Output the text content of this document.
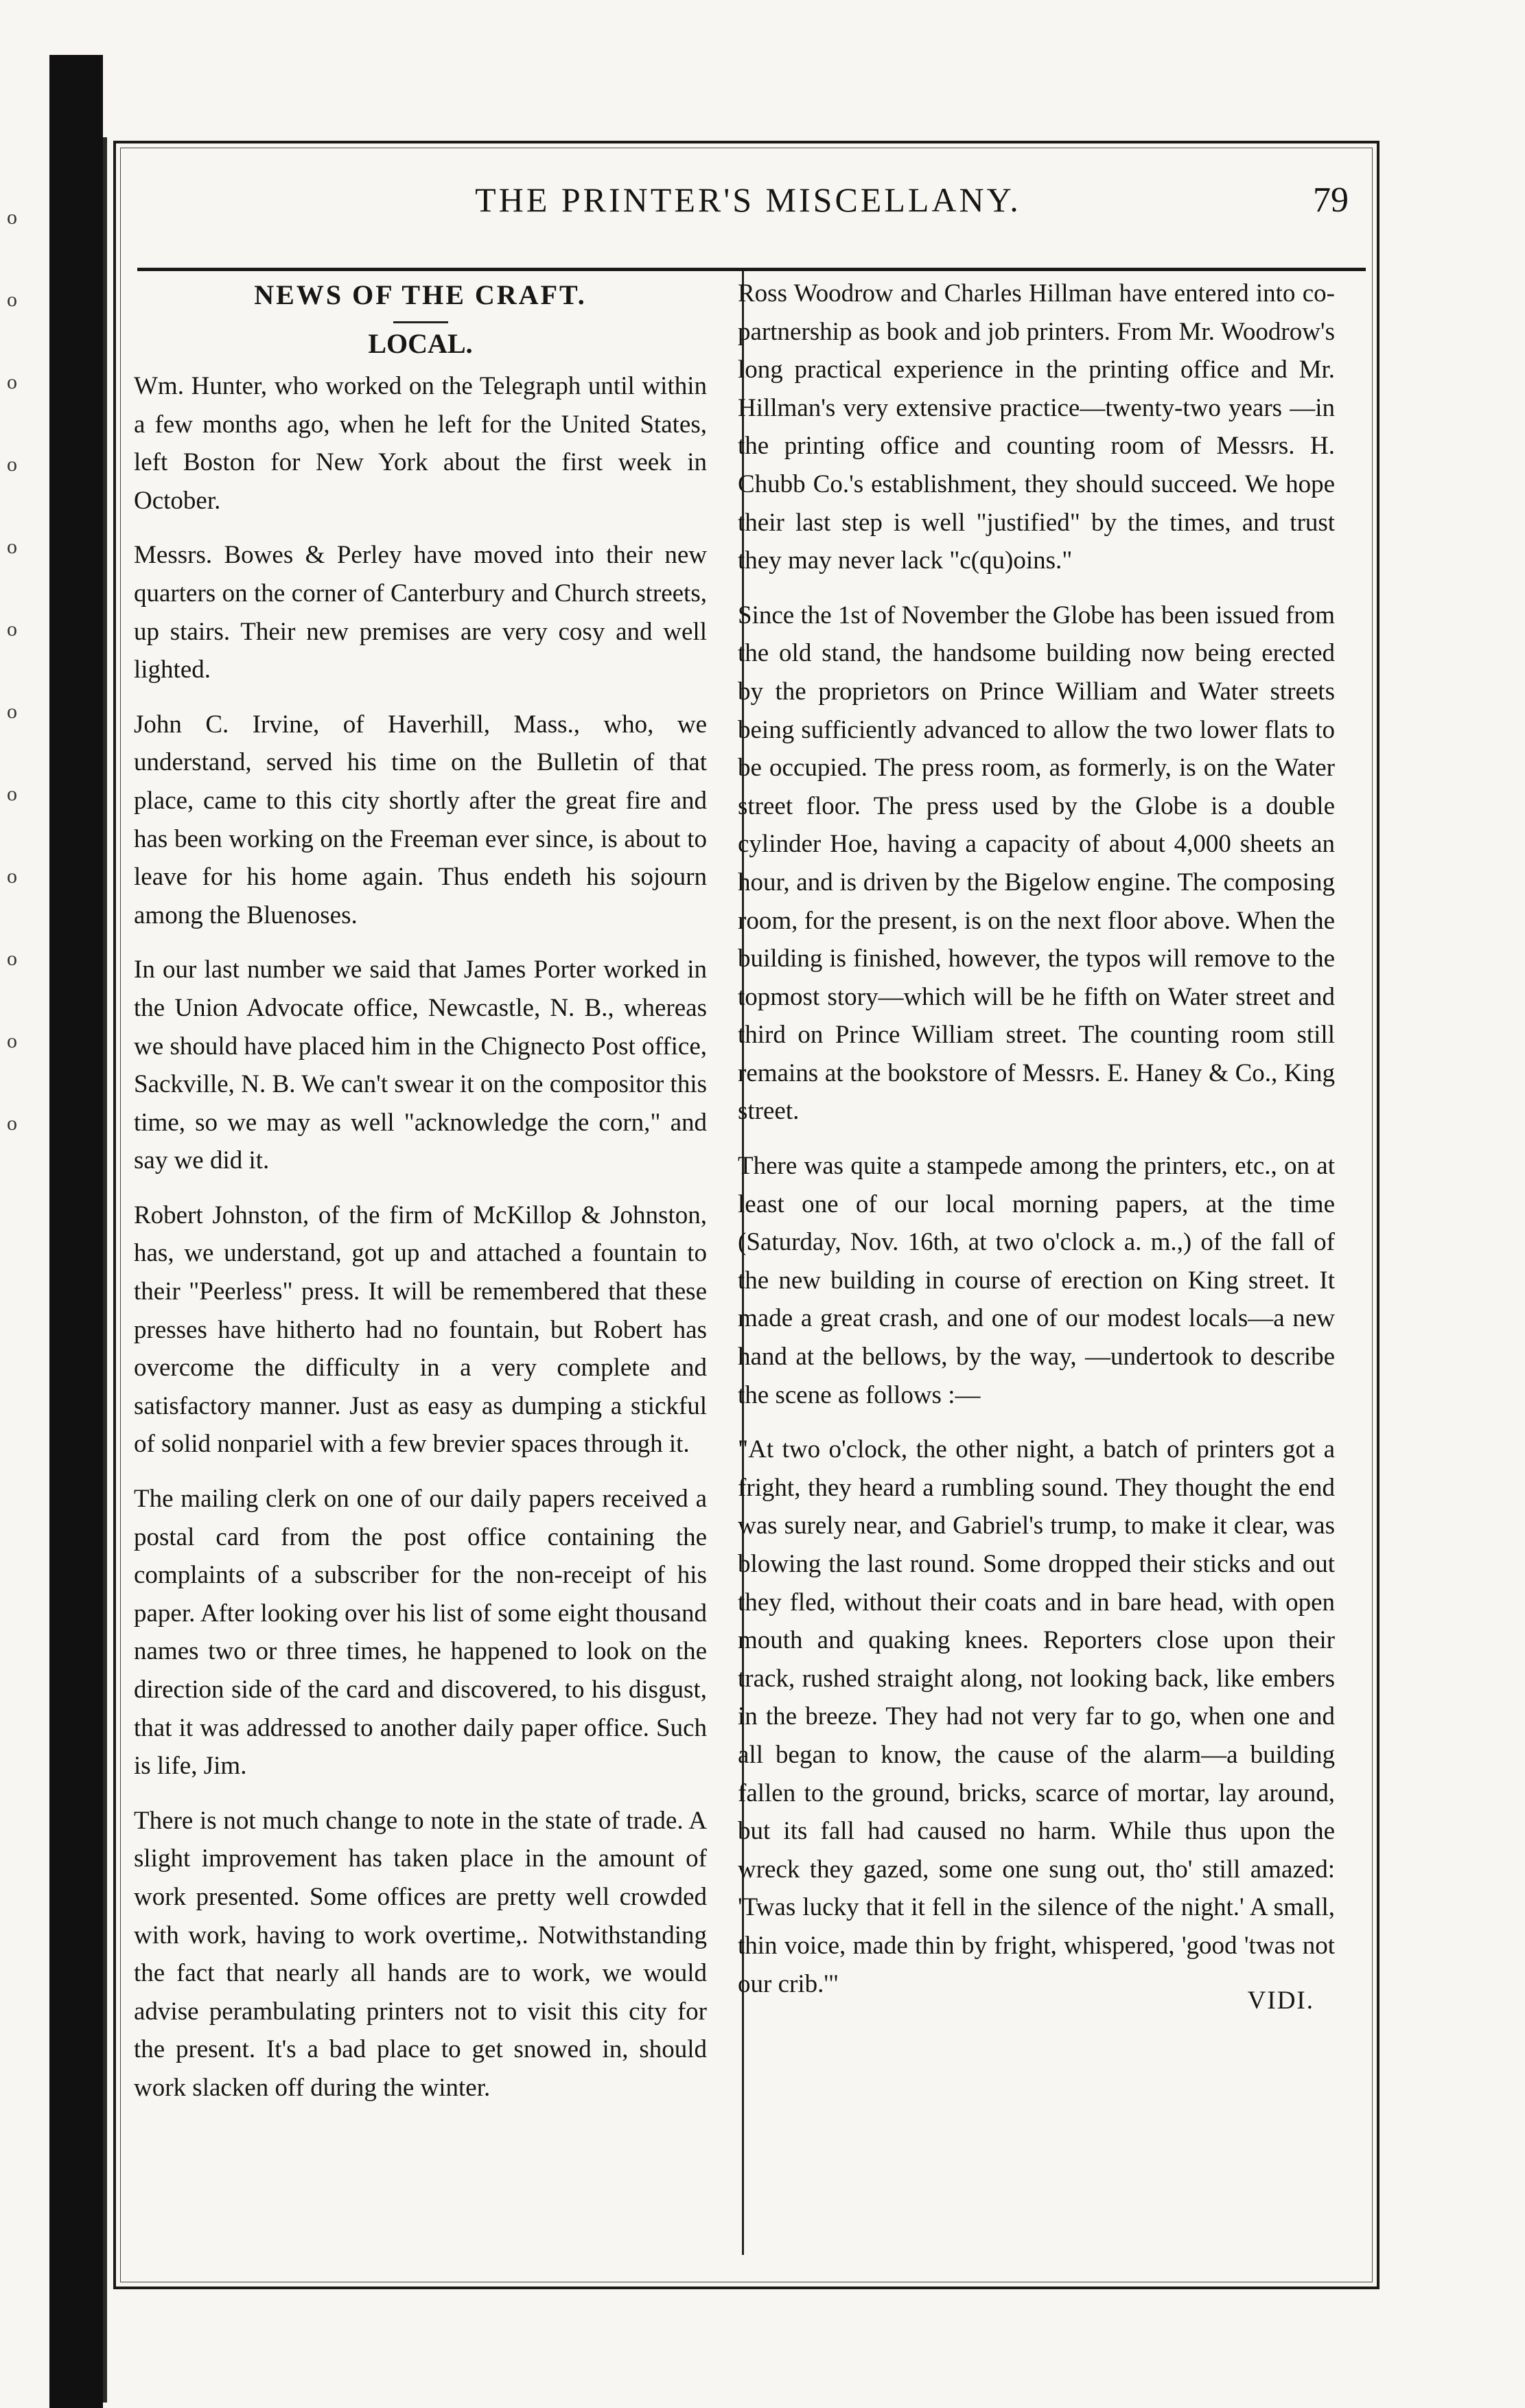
o
o
o
o
o
o
o
o
o
o
o
o
THE PRINTER'S MISCELLANY.	79
NEWS OF THE CRAFT.
LOCAL.

Wm. Hunter, who worked on the Telegraph until within a few months ago, when he left for the United States, left Boston for New York about the first week in October.

Messrs. Bowes & Perley have moved into their new quarters on the corner of Canterbury and Church streets, up stairs. Their new premises are very cosy and well lighted.

John C. Irvine, of Haverhill, Mass., who, we understand, served his time on the Bulletin of that place, came to this city shortly after the great fire and has been working on the Freeman ever since, is about to leave for his home again. Thus endeth his sojourn among the Bluenoses.

In our last number we said that James Porter worked in the Union Advocate office, Newcastle, N. B., whereas we should have placed him in the Chignecto Post office, Sackville, N. B. We can't swear it on the compositor this time, so we may as well "acknowledge the corn," and say we did it.

Robert Johnston, of the firm of McKillop & Johnston, has, we understand, got up and attached a fountain to their "Peerless" press. It will be remembered that these presses have hitherto had no fountain, but Robert has overcome the difficulty in a very complete and satisfactory manner. Just as easy as dumping a stickful of solid nonpariel with a few brevier spaces through it.

The mailing clerk on one of our daily papers received a postal card from the post office containing the complaints of a subscriber for the non-receipt of his paper. After looking over his list of some eight thousand names two or three times, he happened to look on the direction side of the card and discovered, to his disgust, that it was addressed to another daily paper office. Such is life, Jim.

There is not much change to note in the state of trade. A slight improvement has taken place in the amount of work presented. Some offices are pretty well crowded with work, having to work overtime,. Notwithstanding the fact that nearly all hands are to work, we would advise perambulating printers not to visit this city for the present. It's a bad place to get snowed in, should work slacken off during the winter.

Ross Woodrow and Charles Hillman have entered into co-partnership as book and job printers. From Mr. Woodrow's long practical experience in the printing office and Mr. Hillman's very extensive practice—twenty-two years —in the printing office and counting room of Messrs. H. Chubb Co.'s establishment, they should succeed. We hope their last step is well "justified" by the times, and trust they may never lack "c(qu)oins."

Since the 1st of November the Globe has been issued from the old stand, the handsome building now being erected by the proprietors on Prince William and Water streets being sufficiently advanced to allow the two lower flats to be occupied. The press room, as formerly, is on the Water street floor. The press used by the Globe is a double cylinder Hoe, having a capacity of about 4,000 sheets an hour, and is driven by the Bigelow engine. The composing room, for the present, is on the next floor above. When the building is finished, however, the typos will remove to the topmost story—which will be he fifth on Water street and third on Prince William street. The counting room still remains at the bookstore of Messrs. E. Haney & Co., King street.

There was quite a stampede among the printers, etc., on at least one of our local morning papers, at the time (Saturday, Nov. 16th, at two o'clock a. m.,) of the fall of the new building in course of erection on King street. It made a great crash, and one of our modest locals—a new hand at the bellows, by the way, —undertook to describe the scene as follows :—

"At two o'clock, the other night, a batch of printers got a fright, they heard a rumbling sound. They thought the end was surely near, and Gabriel's trump, to make it clear, was blowing the last round. Some dropped their sticks and out they fled, without their coats and in bare head, with open mouth and quaking knees. Reporters close upon their track, rushed straight along, not looking back, like embers in the breeze. They had not very far to go, when one and all began to know, the cause of the alarm—a building fallen to the ground, bricks, scarce of mortar, lay around, but its fall had caused no harm. While thus upon the wreck they gazed, some one sung out, tho' still amazed: 'Twas lucky that it fell in the silence of the night.' A small, thin voice, made thin by fright, whispered, 'good 'twas not our crib.'"

VIDI.
